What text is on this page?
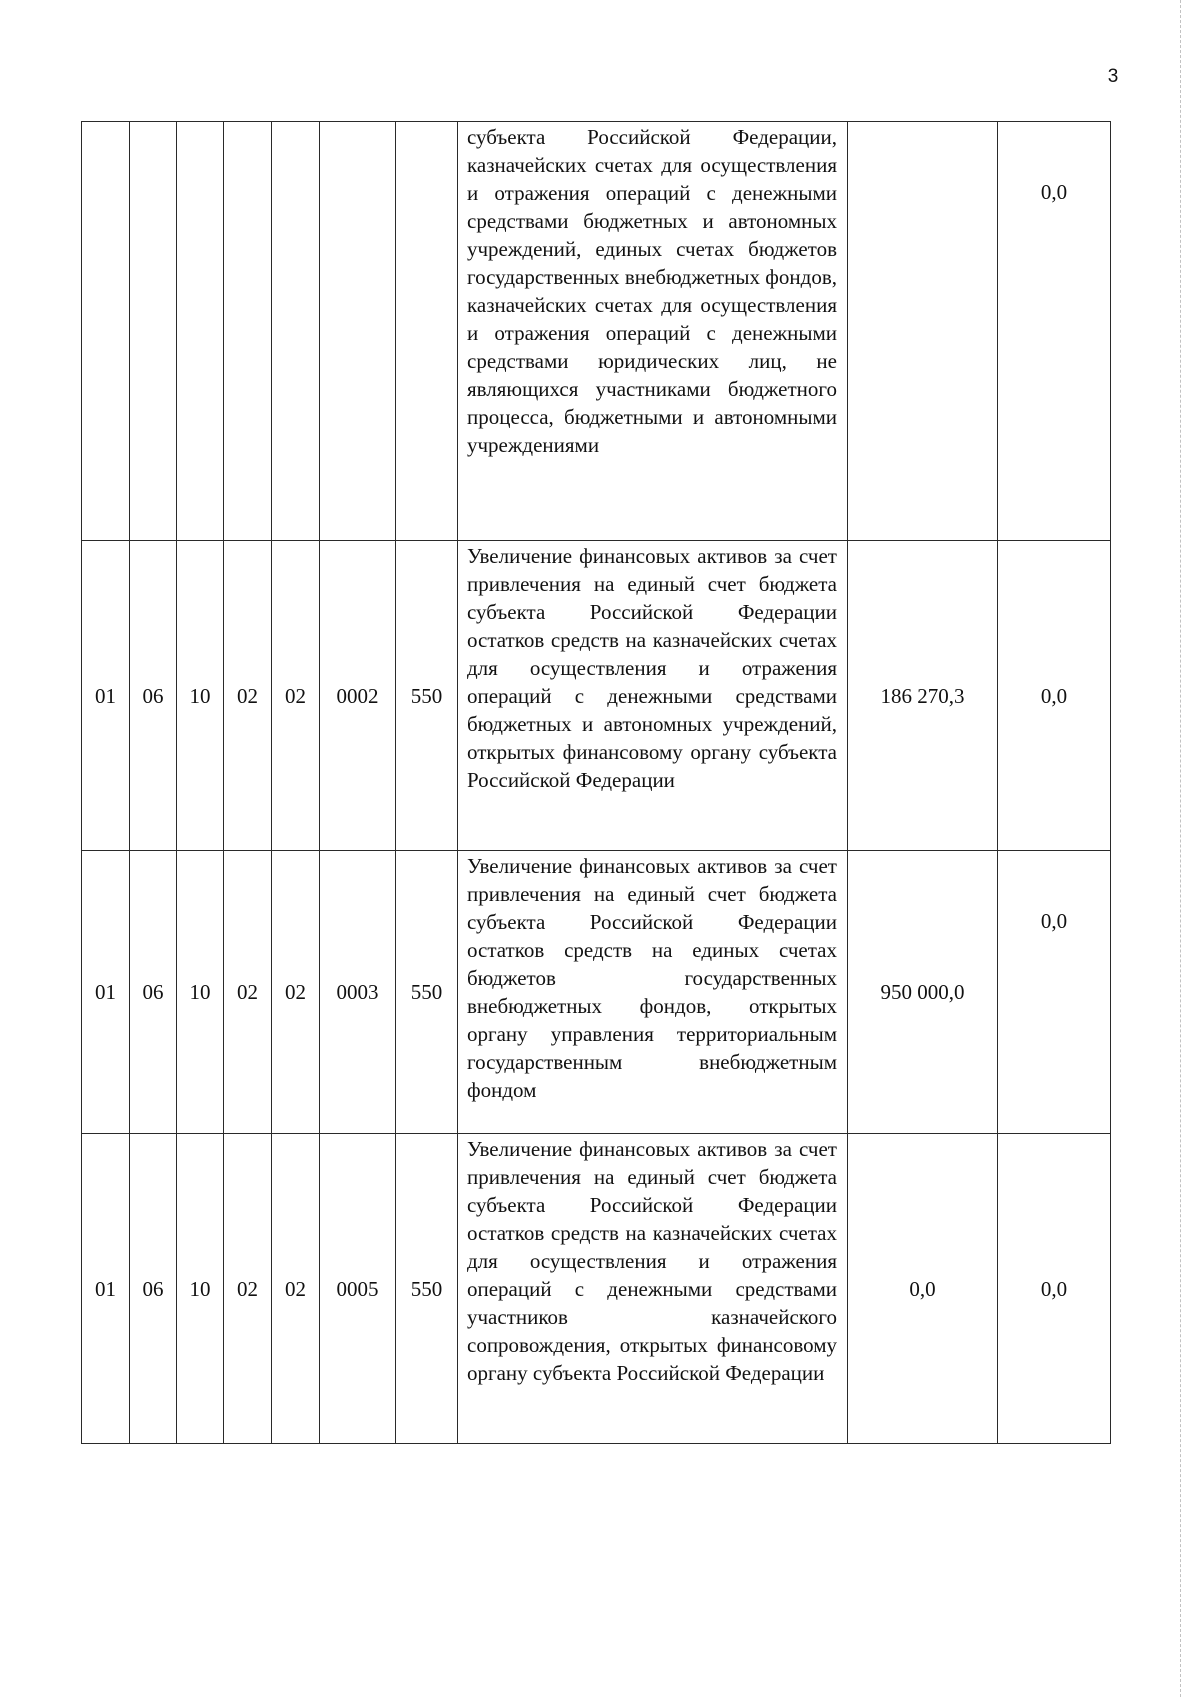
3
							субъекта Российской Федерации, казначейских счетах для осуществления и отражения операций с денежными средствами бюджетных и автономных учреждений, единых счетах бюджетов государственных внебюджетных фондов, казначейских счетах для осуществления и отражения операций с денежными средствами юридических лиц, не являющихся участниками бюджетного процесса, бюджетными и автономными учреждениями		0,0

01	06	10	02	02	0002	550	Увеличение финансовых активов за счет привлечения на единый счет бюджета субъекта Российской Федерации остатков средств на казначейских счетах для осуществления и отражения операций с денежными средствами бюджетных и автономных учреждений, открытых финансовому органу субъекта Российской Федерации	186 270,3	0,0
01	06	10	02	02	0003	550	Увеличение финансовых активов за счет привлечения на единый счет бюджета субъекта Российской Федерации остатков средств на единых счетах бюджетов государственных внебюджетных фондов, открытых органу управления территориальным государственным внебюджетным фондом	950 000,0	0,0

01	06	10	02	02	0005	550	Увеличение финансовых активов за счет привлечения на единый счет бюджета субъекта Российской Федерации остатков средств на казначейских счетах для осуществления и отражения операций с денежными средствами участников казначейского сопровождения, открытых финансовому органу субъекта Российской Федерации	0,0	0,0
